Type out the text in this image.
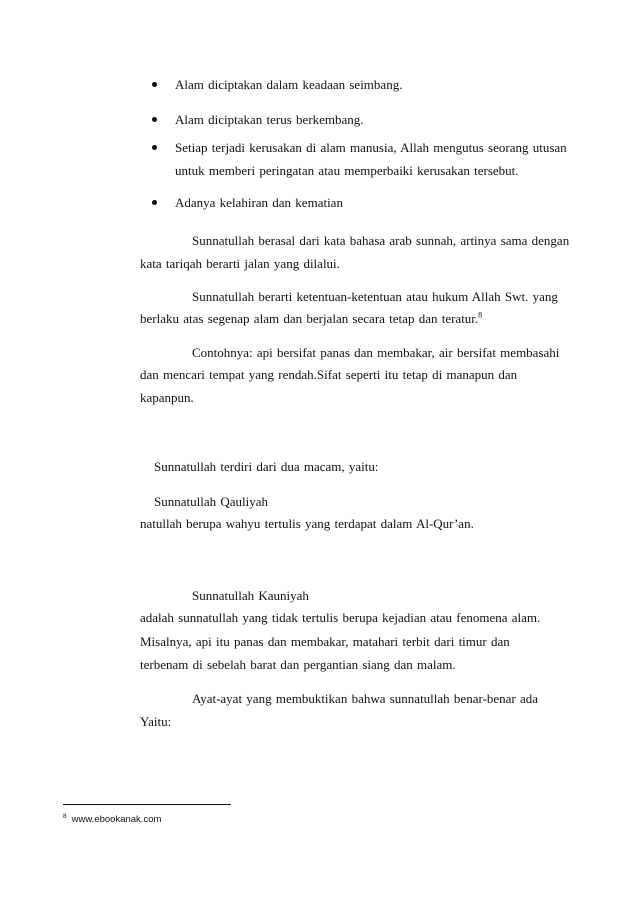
Alam diciptakan dalam keadaan seimbang.
Alam diciptakan terus berkembang.
Setiap terjadi kerusakan di alam manusia, Allah mengutus seorang utusan
untuk memberi peringatan atau memperbaiki kerusakan tersebut.
Adanya kelahiran dan kematian
Sunnatullah berasal dari kata bahasa arab sunnah, artinya sama dengan
kata tariqah berarti jalan yang dilalui.
Sunnatullah berarti ketentuan-ketentuan atau hukum Allah Swt. yang
berlaku atas segenap alam dan berjalan secara tetap dan teratur.$^8$
Contohnya: api bersifat panas dan membakar, air bersifat membasahi
dan mencari tempat yang rendah.Sifat seperti itu tetap di manapun dan
kapanpun.
Sunnatullah terdiri dari dua macam, yaitu:
Sunnatullah Qauliyah
natullah berupa wahyu tertulis yang terdapat dalam Al-Qur’an.
Sunnatullah Kauniyah
adalah sunnatullah yang tidak tertulis berupa kejadian atau fenomena alam.
Misalnya, api itu panas dan membakar, matahari terbit dari timur dan
terbenam di sebelah barat dan pergantian siang dan malam.
Ayat-ayat yang membuktikan bahwa sunnatullah benar-benar ada
Yaitu:
$^8$ www.ebookanak.com
